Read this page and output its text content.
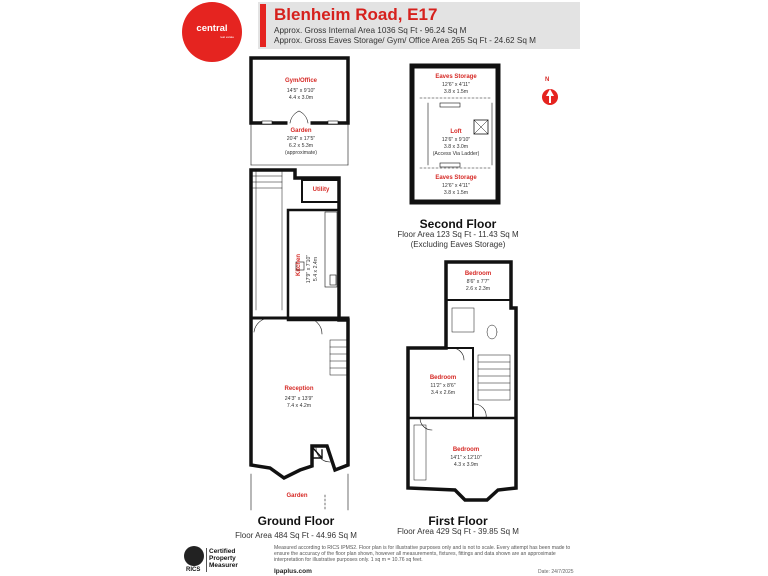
central
real estate
Blenheim Road, E17
Approx. Gross Internal Area 1036 Sq Ft - 96.24 Sq M
Approx. Gross Eaves Storage/ Gym/ Office Area 265 Sq Ft - 24.62 Sq M
N
Gym/Office
14'5" x 9'10"
4.4 x 3.0m
Garden
20'4" x 17'5"
6.2 x 5.3m
(approximate)
Utility
Kitchen 17'9" x 7'10" 5.4 x 2.4m
Reception
24'3" x 13'9"
7.4 x 4.2m
Garden
Eaves Storage
12'6" x 4'11"
3.8 x 1.5m
Loft
12'6" x 9'10"
3.8 x 3.0m
(Access Via Ladder)
Eaves Storage
12'6" x 4'11"
3.8 x 1.5m
Bedroom
8'6" x 7'7"
2.6 x 2.3m
Bedroom
11'2" x 8'6"
3.4 x 2.6m
Bedroom
14'1" x 12'10"
4.3 x 3.9m
Ground Floor
Floor Area 484 Sq Ft - 44.96 Sq M
Second Floor
Floor Area 123 Sq Ft - 11.43 Sq M
(Excluding Eaves Storage)
First Floor
Floor Area 429 Sq Ft - 39.85 Sq M
RICS
Certified
Property
Measurer
Measured according to RICS IPMS2. Floor plan is for illustrative purposes only and is not to scale. Every attempt has been made to ensure the accuracy of the floor plan shown, however all measurements, fixtures, fittings and data shown are an approximate interpretation for illustrative purposes only. 1 sq m = 10.76 sq feet.
lpaplus.com	Date: 24/7/2025
